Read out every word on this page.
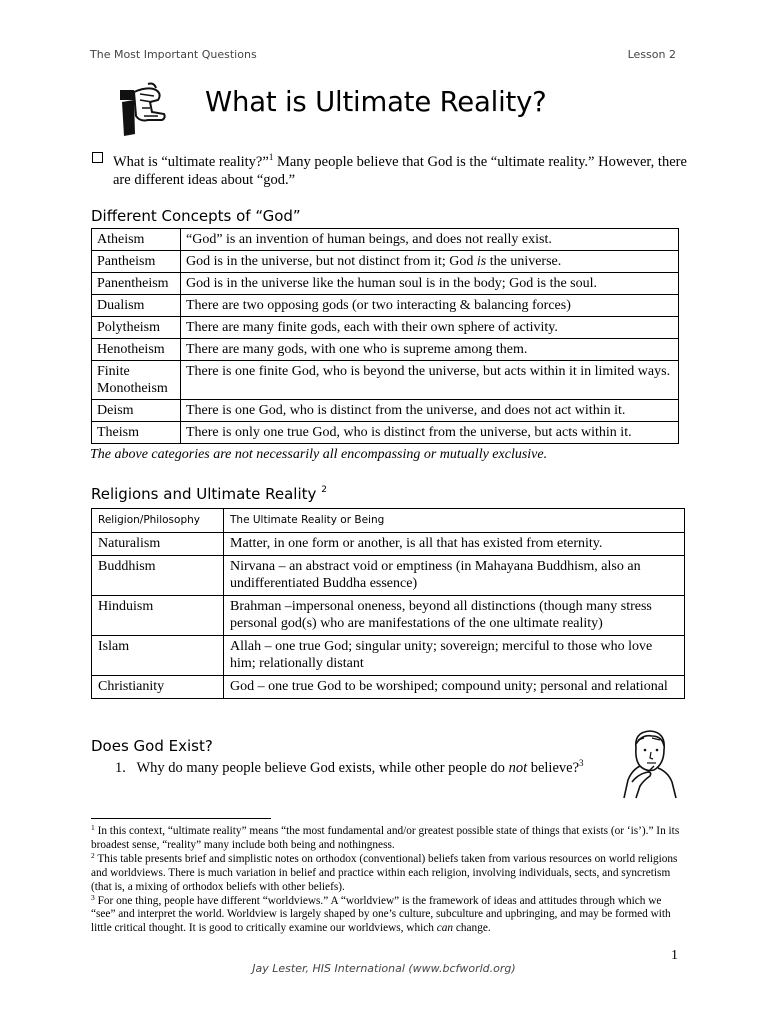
The Most Important Questions	Lesson 2
What is Ultimate Reality?
What is “ultimate reality?”$^1$ Many people believe that God is the “ultimate reality.” However, there are different ideas about “god.”
Different Concepts of “God”
Atheism	“God” is an invention of human beings, and does not really exist.
Pantheism	God is in the universe, but not distinct from it; God is the universe.
Panentheism	God is in the universe like the human soul is in the body; God is the soul.
Dualism	There are two opposing gods (or two interacting & balancing forces)
Polytheism	There are many finite gods, each with their own sphere of activity.
Henotheism	There are many gods, with one who is supreme among them.
Finite Monotheism	There is one finite God, who is beyond the universe, but acts within it in limited ways.
Deism	There is one God, who is distinct from the universe, and does not act within it.
Theism	There is only one true God, who is distinct from the universe, but acts within it.
The above categories are not necessarily all encompassing or mutually exclusive.
Religions and Ultimate Reality $^2$
Religion/Philosophy	The Ultimate Reality or Being
Naturalism	Matter, in one form or another, is all that has existed from eternity.
Buddhism	Nirvana – an abstract void or emptiness (in Mahayana Buddhism, also an undifferentiated Buddha essence)
Hinduism	Brahman –impersonal oneness, beyond all distinctions (though many stress personal god(s) who are manifestations of the one ultimate reality)
Islam	Allah – one true God; singular unity; sovereign; merciful to those who love him; relationally distant
Christianity	God – one true God to be worshiped; compound unity; personal and relational
Does God Exist?
1.   Why do many people believe God exists, while other people do not believe?$^3$

$^1$ In this context, “ultimate reality” means “the most fundamental and/or greatest possible state of things that exists (or ‘is’).” In its broadest sense, “reality” many include both being and nothingness.

$^2$ This table presents brief and simplistic notes on orthodox (conventional) beliefs taken from various resources on world religions and worldviews. There is much variation in belief and practice within each religion, involving individuals, sects, and syncretism (that is, a mixing of orthodox beliefs with other beliefs).

$^3$ For one thing, people have different “worldviews.” A “worldview” is the framework of ideas and attitudes through which we “see” and interpret the world. Worldview is largely shaped by one’s culture, subculture and upbringing, and may be formed with little critical thought. It is good to critically examine our worldviews, which can change.

1
Jay Lester, HIS International (www.bcfworld.org)
